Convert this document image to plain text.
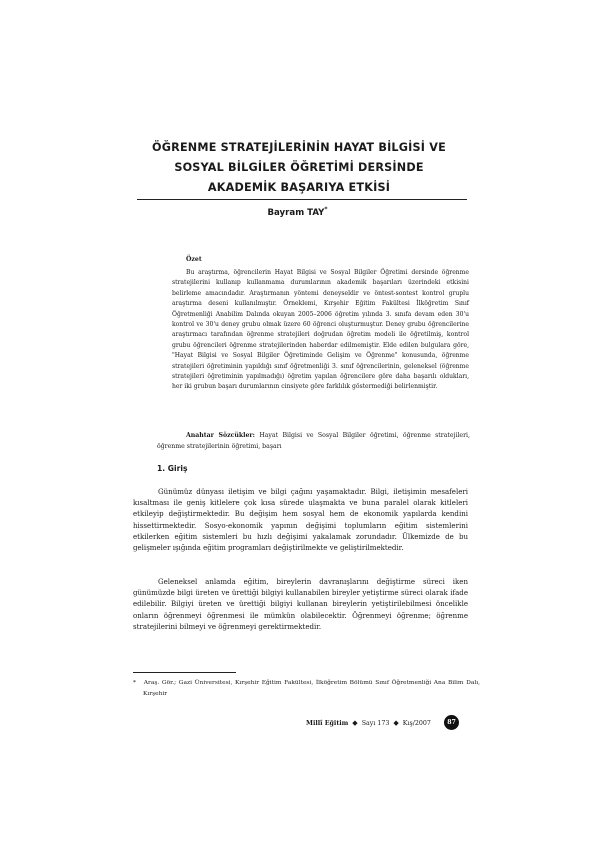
ÖĞRENME STRATEJİLERİNİN HAYAT BİLGİSİ VE
SOSYAL BİLGİLER ÖĞRETİMİ DERSİNDE
AKADEMİK BAŞARIYA ETKİSİ
Bayram TAY*
Özet
Bu araştırma, öğrencilerin Hayat Bilgisi ve Sosyal Bilgiler Öğretimi dersinde öğrenme stratejilerini kullanıp kullanmama durumlarının akademik başarıları üzerindeki etkisini belirleme amacındadır. Araştırmanın yöntemi deneyseldir ve öntest-sontest kontrol gruplu araştırma deseni kullanılmıştır. Örneklemi, Kırşehir Eğitim Fakültesi İlköğretim Sınıf Öğretmenliği Anabilim Dalında okuyan 2005–2006 öğretim yılında 3. sınıfa devam eden 30'u kontrol ve 30'u deney grubu olmak üzere 60 öğrenci oluşturmuştur. Deney grubu öğrencilerine araştırmacı tarafından öğrenme stratejileri doğrudan öğretim modeli ile öğretilmiş, kontrol grubu öğrencileri öğrenme stratejilerinden haberdar edilmemiştir. Elde edilen bulgulara göre, "Hayat Bilgisi ve Sosyal Bilgiler Öğretiminde Gelişim ve Öğrenme" konusunda, öğrenme stratejileri öğretiminin yapıldığı sınıf öğretmenliği 3. sınıf öğrencilerinin, geleneksel (öğrenme stratejileri öğretiminin yapılmadığı) öğretim yapılan öğrencilere göre daha başarılı oldukları, her iki grubun başarı durumlarının cinsiyete göre farklılık göstermediği belirlenmiştir.
Anahtar Sözcükler: Hayat Bilgisi ve Sosyal Bilgiler öğretimi, öğrenme stratejileri, öğrenme stratejilerinin öğretimi, başarı
1. Giriş
Günümüz dünyası iletişim ve bilgi çağını yaşamaktadır. Bilgi, iletişimin mesafeleri kısaltması ile geniş kitlelere çok kısa sürede ulaşmakta ve buna paralel olarak kitleleri etkileyip değiştirmektedir. Bu değişim hem sosyal hem de ekonomik yapılarda kendini hissettirmektedir. Sosyo-ekonomik yapının değişimi toplumların eğitim sistemlerini etkilerken eğitim sistemleri bu hızlı değişimi yakalamak zorundadır. Ülkemizde de bu gelişmeler ışığında eğitim programları değiştirilmekte ve geliştirilmektedir.
Geleneksel anlamda eğitim, bireylerin davranışlarını değiştirme süreci iken günümüzde bilgi üreten ve ürettiği bilgiyi kullanabilen bireyler yetiştirme süreci olarak ifade edilebilir. Bilgiyi üreten ve ürettiği bilgiyi kullanan bireylerin yetiştirilebilmesi öncelikle onların öğrenmeyi öğrenmesi ile mümkün olabilecektir. Öğrenmeyi öğrenme; öğrenme stratejilerini bilmeyi ve öğrenmeyi gerektirmektedir.
* Araş. Gör.; Gazi Üniversitesi, Kırşehir Eğitim Fakültesi, İlköğretim Bölümü Sınıf Öğretmenliği Ana Bilim Dalı, Kırşehir
Millî Eğitim ◆ Sayı 173 ◆ Kış/2007	87
